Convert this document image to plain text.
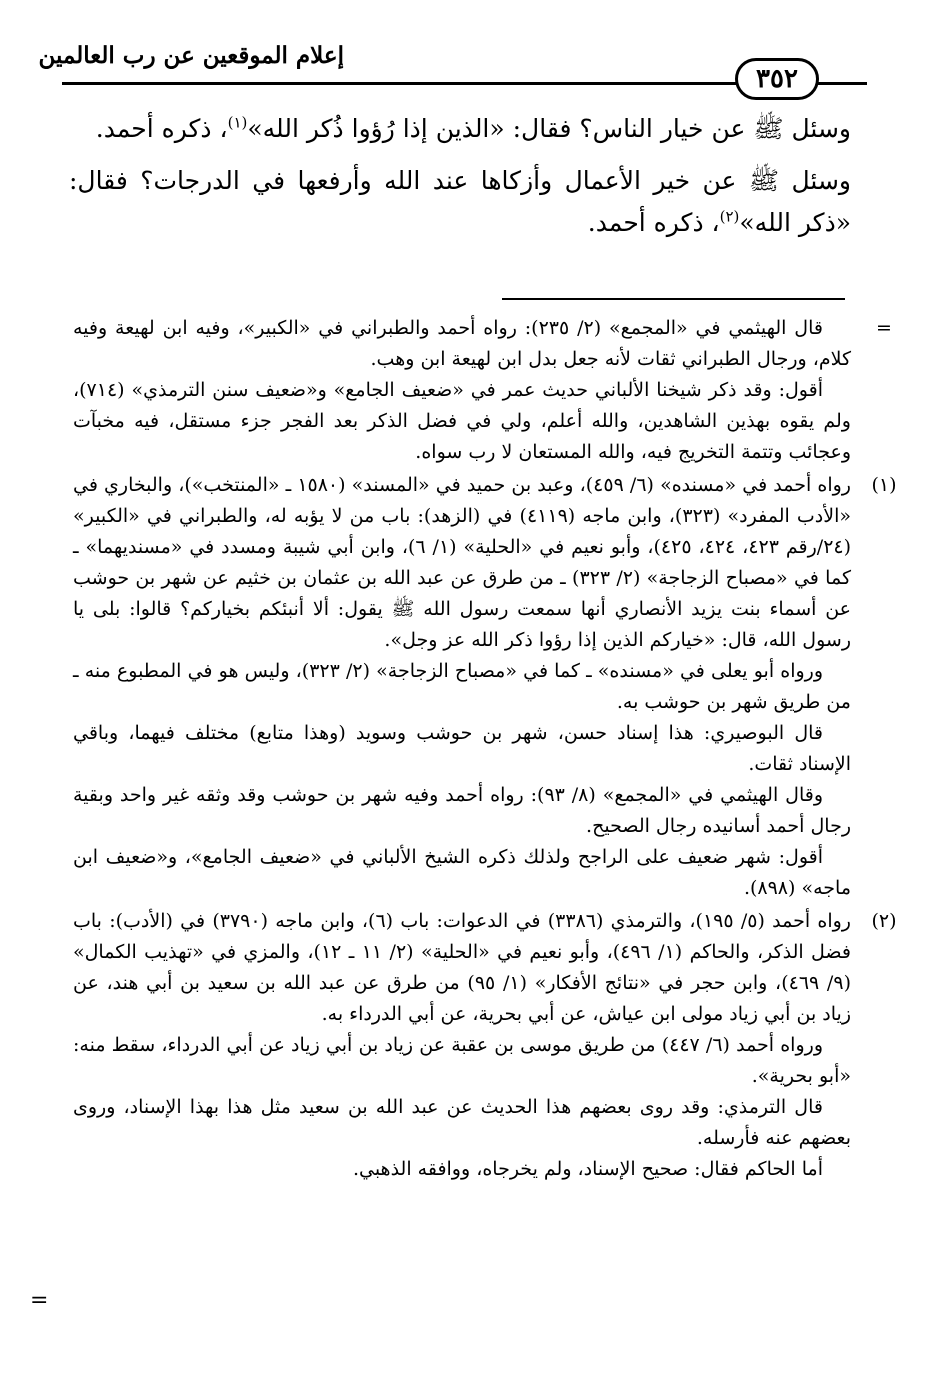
إعلام الموقعين عن رب العالمين
٣٥٢

وسئل ﷺ عن خيار الناس؟ فقال: «الذين إذا رُؤوا ذُكر الله»$^{(١)}$، ذكره أحمد.

وسئل ﷺ عن خير الأعمال وأزكاها عند الله وأرفعها في الدرجات؟ فقال: «ذكر الله»$^{(٢)}$، ذكره أحمد.

=

قال الهيثمي في «المجمع» (٢/ ٢٣٥): رواه أحمد والطبراني في «الكبير»، وفيه ابن لهيعة وفيه كلام، ورجال الطبراني ثقات لأنه جعل بدل ابن لهيعة ابن وهب.

أقول: وقد ذكر شيخنا الألباني حديث عمر في «ضعيف الجامع» و«ضعيف سنن الترمذي» (٧١٤)، ولم يقوه بهذين الشاهدين، والله أعلم، ولي في فضل الذكر بعد الفجر جزء مستقل، فيه مخبآت وعجائب وتتمة التخريج فيه، والله المستعان لا رب سواه.

(١)

رواه أحمد في «مسنده» (٦/ ٤٥٩)، وعبد بن حميد في «المسند» (١٥٨٠ ـ «المنتخب»)، والبخاري في «الأدب المفرد» (٣٢٣)، وابن ماجه (٤١١٩) في (الزهد): باب من لا يؤبه له، والطبراني في «الكبير» (٢٤/رقم ٤٢٣، ٤٢٤، ٤٢٥)، وأبو نعيم في «الحلية» (١/ ٦)، وابن أبي شيبة ومسدد في «مسنديهما» ـ كما في «مصباح الزجاجة» (٢/ ٣٢٣) ـ من طرق عن عبد الله بن عثمان بن خثيم عن شهر بن حوشب عن أسماء بنت يزيد الأنصاري أنها سمعت رسول الله ﷺ يقول: ألا أنبئكم بخياركم؟ قالوا: بلى يا رسول الله، قال: «خياركم الذين إذا رؤوا ذكر الله عز وجل».

ورواه أبو يعلى في «مسنده» ـ كما في «مصباح الزجاجة» (٢/ ٣٢٣)، وليس هو في المطبوع منه ـ من طريق شهر بن حوشب به.

قال البوصيري: هذا إسناد حسن، شهر بن حوشب وسويد (وهذا متابع) مختلف فيهما، وباقي الإسناد ثقات.

وقال الهيثمي في «المجمع» (٨/ ٩٣): رواه أحمد وفيه شهر بن حوشب وقد وثقه غير واحد وبقية رجال أحمد أسانيده رجال الصحيح.

أقول: شهر ضعيف على الراجح ولذلك ذكره الشيخ الألباني في «ضعيف الجامع»، و«ضعيف ابن ماجه» (٨٩٨).

(٢)

رواه أحمد (٥/ ١٩٥)، والترمذي (٣٣٨٦) في الدعوات: باب (٦)، وابن ماجه (٣٧٩٠) في (الأدب): باب فضل الذكر، والحاكم (١/ ٤٩٦)، وأبو نعيم في «الحلية» (٢/ ١١ ـ ١٢)، والمزي في «تهذيب الكمال» (٩/ ٤٦٩)، وابن حجر في «نتائج الأفكار» (١/ ٩٥) من طرق عن عبد الله بن سعيد بن أبي هند، عن زياد بن أبي زياد مولى ابن عياش، عن أبي بحرية، عن أبي الدرداء به.

ورواه أحمد (٦/ ٤٤٧) من طريق موسى بن عقبة عن زياد بن أبي زياد عن أبي الدرداء، سقط منه: «أبو بحرية».

قال الترمذي: وقد روى بعضهم هذا الحديث عن عبد الله بن سعيد مثل هذا بهذا الإسناد، وروى بعضهم عنه فأرسله.

أما الحاكم فقال: صحيح الإسناد، ولم يخرجاه، ووافقه الذهبي.

=
